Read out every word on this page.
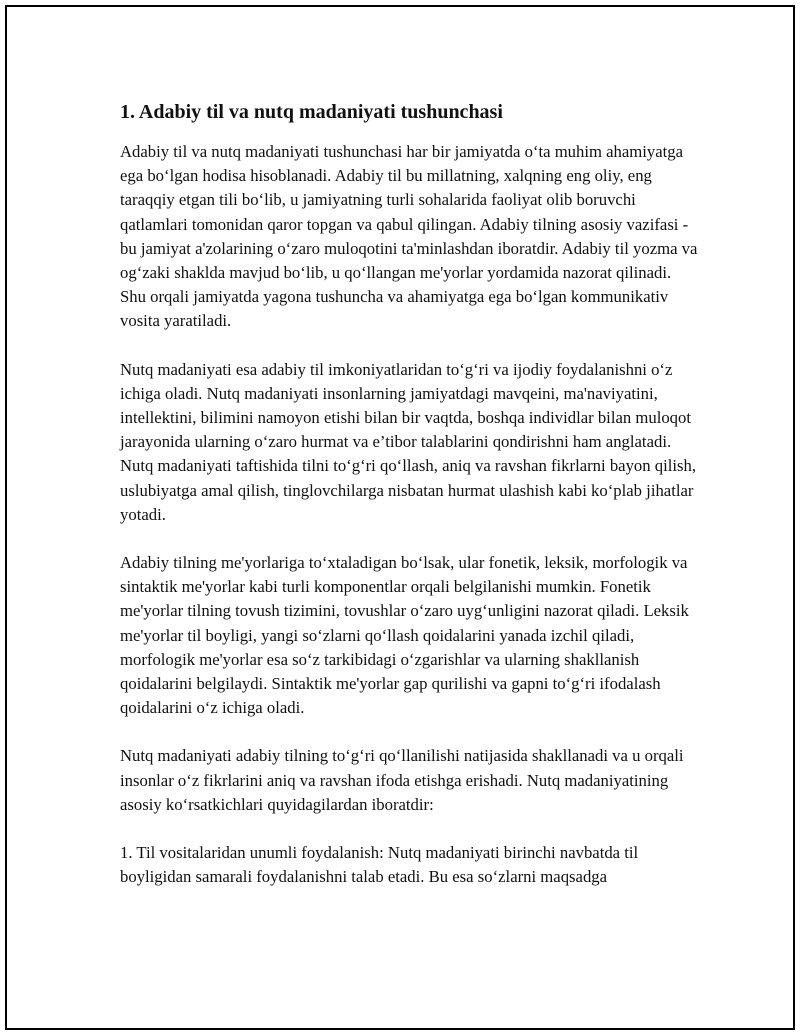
1. Adabiy til va nutq madaniyati tushunchasi

Adabiy til va nutq madaniyati tushunchasi har bir jamiyatda oʻta muhim ahamiyatga ega boʻlgan hodisa hisoblanadi. Adabiy til bu millatning, xalqning eng oliy, eng taraqqiy etgan tili boʻlib, u jamiyatning turli sohalarida faoliyat olib boruvchi qatlamlari tomonidan qaror topgan va qabul qilingan. Adabiy tilning asosiy vazifasi - bu jamiyat a'zolarining oʻzaro muloqotini ta'minlashdan iboratdir. Adabiy til yozma va ogʻzaki shaklda mavjud boʻlib, u qoʻllangan me'yorlar yordamida nazorat qilinadi. Shu orqali jamiyatda yagona tushuncha va ahamiyatga ega boʻlgan kommunikativ vosita yaratiladi.

Nutq madaniyati esa adabiy til imkoniyatlaridan toʻgʻri va ijodiy foydalanishni oʻz ichiga oladi. Nutq madaniyati insonlarning jamiyatdagi mavqeini, ma'naviyatini, intellektini, bilimini namoyon etishi bilan bir vaqtda, boshqa individlar bilan muloqot jarayonida ularning oʻzaro hurmat va e’tibor talablarini qondirishni ham anglatadi. Nutq madaniyati taftishida tilni toʻgʻri qoʻllash, aniq va ravshan fikrlarni bayon qilish, uslubiyatga amal qilish, tinglovchilarga nisbatan hurmat ulashish kabi koʻplab jihatlar yotadi.

Adabiy tilning me'yorlariga toʻxtaladigan boʻlsak, ular fonetik, leksik, morfologik va sintaktik me'yorlar kabi turli komponentlar orqali belgilanishi mumkin. Fonetik me'yorlar tilning tovush tizimini, tovushlar oʻzaro uygʻunligini nazorat qiladi. Leksik me'yorlar til boyligi, yangi soʻzlarni qoʻllash qoidalarini yanada izchil qiladi, morfologik me'yorlar esa soʻz tarkibidagi oʻzgarishlar va ularning shakllanish qoidalarini belgilaydi. Sintaktik me'yorlar gap qurilishi va gapni toʻgʻri ifodalash qoidalarini oʻz ichiga oladi.

Nutq madaniyati adabiy tilning toʻgʻri qoʻllanilishi natijasida shakllanadi va u orqali insonlar oʻz fikrlarini aniq va ravshan ifoda etishga erishadi. Nutq madaniyatining asosiy koʻrsatkichlari quyidagilardan iboratdir:

1. Til vositalaridan unumli foydalanish: Nutq madaniyati birinchi navbatda til boyligidan samarali foydalanishni talab etadi. Bu esa soʻzlarni maqsadga
